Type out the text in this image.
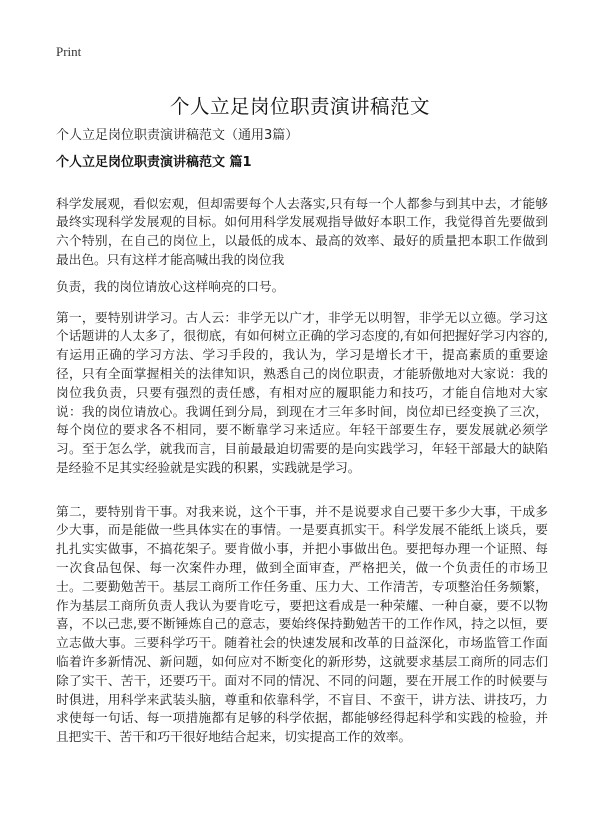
Print
个人立足岗位职责演讲稿范文
个人立足岗位职责演讲稿范文（通用3篇）
个人立足岗位职责演讲稿范文 篇1

科学发展观，看似宏观，但却需要每个人去落实,只有每一个人都参与到其中去，才能够最终实现科学发展观的目标。如何用科学发展观指导做好本职工作，我觉得首先要做到六个特别，在自己的岗位上，以最低的成本、最高的效率、最好的质量把本职工作做到最出色。只有这样才能高喊出我的岗位我

负责，我的岗位请放心这样响亮的口号。

第一，要特别讲学习。古人云：非学无以广才，非学无以明智，非学无以立德。学习这个话题讲的人太多了，很彻底，有如何树立正确的学习态度的,有如何把握好学习内容的,有运用正确的学习方法、学习手段的，我认为，学习是增长才干，提高素质的重要途径，只有全面掌握相关的法律知识，熟悉自己的岗位职责，才能骄傲地对大家说：我的岗位我负责，只要有强烈的责任感，有相对应的履职能力和技巧，才能自信地对大家说：我的岗位请放心。我调任到分局，到现在才三年多时间，岗位却已经变换了三次，每个岗位的要求各不相同，要不断靠学习来适应。年轻干部要生存，要发展就必须学习。至于怎么学，就我而言，目前最最迫切需要的是向实践学习，年轻干部最大的缺陷是经验不足其实经验就是实践的积累，实践就是学习。

第二，要特别肯干事。对我来说，这个干事，并不是说要求自己要干多少大事，干成多少大事，而是能做一些具体实在的事情。一是要真抓实干。科学发展不能纸上谈兵，要扎扎实实做事，不搞花架子。要肯做小事，并把小事做出色。要把每办理一个证照、每一次食品包保、每一次案件办理，做到全面审查，严格把关，做一个负责任的市场卫士。二要勤勉苦干。基层工商所工作任务重、压力大、工作清苦，专项整治任务频繁，作为基层工商所负责人我认为要肯吃亏，要把这看成是一种荣耀、一种自豪，要不以物喜，不以己悲,要不断锤炼自己的意志，要始终保持勤勉苦干的工作作风，持之以恒，要立志做大事。三要科学巧干。随着社会的快速发展和改革的日益深化，市场监管工作面临着许多新情况、新问题，如何应对不断变化的新形势，这就要求基层工商所的同志们除了实干、苦干，还要巧干。面对不同的情况、不同的问题，要在开展工作的时候要与时俱进，用科学来武装头脑，尊重和依靠科学，不盲目、不蛮干，讲方法、讲技巧，力求使每一句话、每一项措施都有足够的科学依据，都能够经得起科学和实践的检验，并且把实干、苦干和巧干很好地结合起来，切实提高工作的效率。
